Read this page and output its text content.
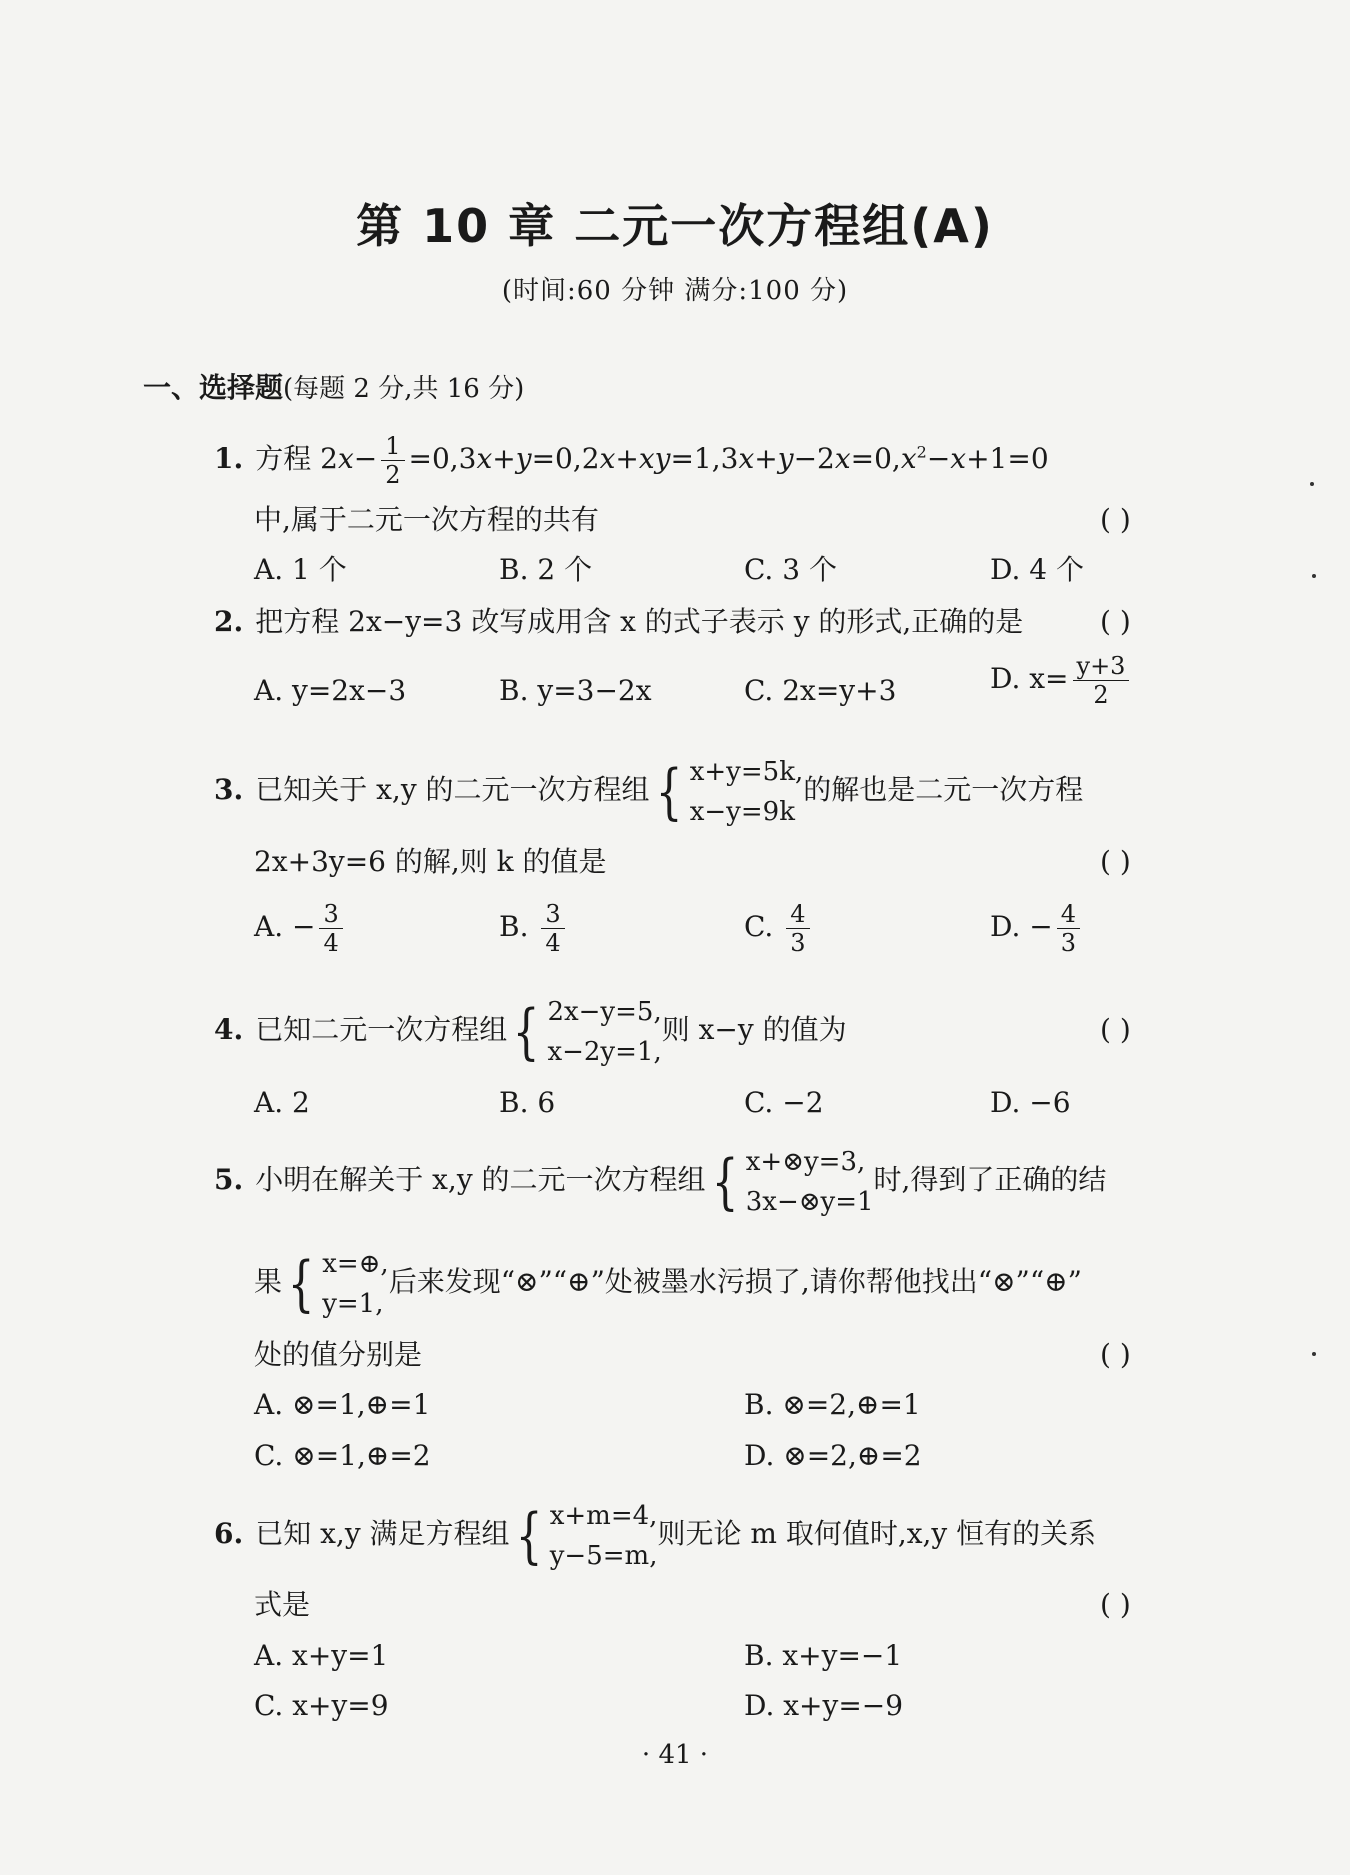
第 10 章 二元一次方程组(A)
(时间:60 分钟 满分:100 分)
一、选择题(每题 2 分,共 16 分)
1. 方程 $2x- \frac{1}{2} =0,3x+y=0,2x+xy=1,3x+y-2x=0,x^2-x+1=0$
中,属于二元一次方程的共有	( )
A. 1 个	B. 2 个	C. 3 个	D. 4 个
2. 把方程 2x−y=3 改写成用含 x 的式子表示 y 的形式,正确的是	( )
A. y=2x−3	B. y=3−2x	C. 2x=y+3	D. $x= \frac{y+3}{2}$
3. 已知关于 x,y 的二元一次方程组 { x+y=5k,
x−y=9k
的解也是二元一次方程
2x+3y=6 的解,则 k 的值是	( )
A. − $\frac{3}{4}$	B. $\frac{3}{4}$	C. $\frac{4}{3}$	D. − $\frac{4}{3}$
4. 已知二元一次方程组 { 2x−y=5,
x−2y=1,
则 x−y 的值为	( )
A. 2	B. 6	C. −2	D. −6
5. 小明在解关于 x,y 的二元一次方程组 { x+⊗y=3,
3x−⊗y=1
时,得到了正确的结
果 { x=⊕,
y=1,
后来发现“⊗”“⊕”处被墨水污损了,请你帮他找出“⊗”“⊕”
处的值分别是	( )
A. ⊗=1,⊕=1	B. ⊗=2,⊕=1
C. ⊗=1,⊕=2	D. ⊗=2,⊕=2
6. 已知 x,y 满足方程组 { x+m=4,
y−5=m,
则无论 m 取何值时,x,y 恒有的关系
式是	( )
A. x+y=1	B. x+y=−1
C. x+y=9	D. x+y=−9
· 41 ·
